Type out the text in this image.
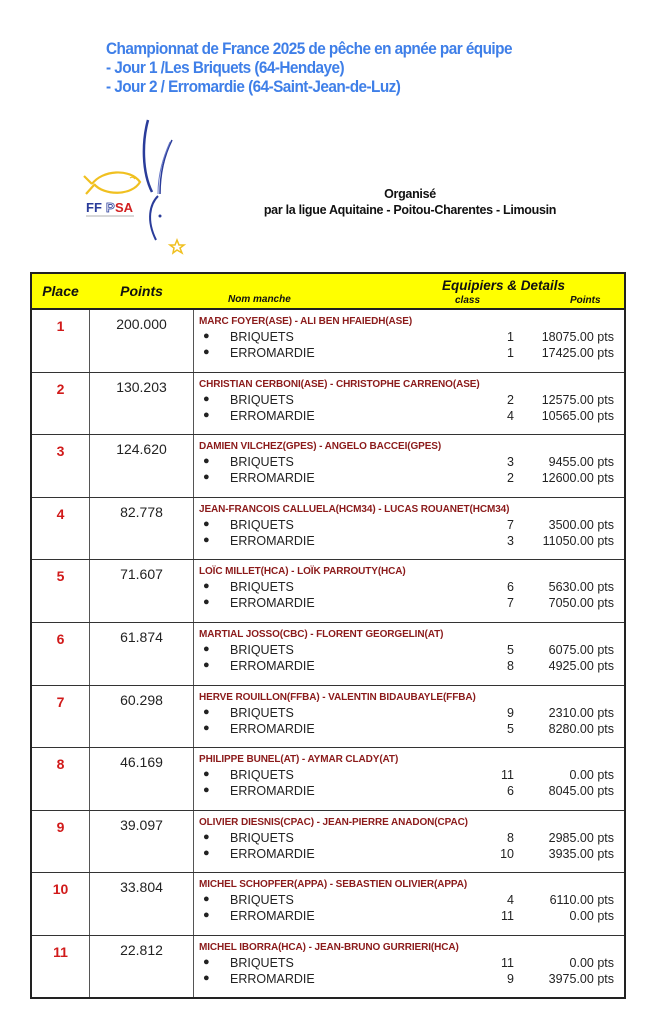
Championnat de France 2025 de pêche en apnée par équipe
- Jour 1 /Les Briquets (64-Hendaye)
- Jour 2 / Erromardie (64-Saint-Jean-de-Luz)
FF P SA
Organisé
par la ligue Aquitaine - Poitou-Charentes - Limousin
Place	Points	Equipiers & Details
Nom manche	class	Points
1	200.000	MARC FOYER(ASE) - ALI BEN HFAIEDH(ASE)
● BRIQUETS	1 18075.00 pts
● ERROMARDIE	1 17425.00 pts
2	130.203	CHRISTIAN CERBONI(ASE) - CHRISTOPHE CARRENO(ASE)
● BRIQUETS	2 12575.00 pts
● ERROMARDIE	4 10565.00 pts
3	124.620	DAMIEN VILCHEZ(GPES) - ANGELO BACCEI(GPES)
● BRIQUETS	3	9455.00 pts
● ERROMARDIE	2 12600.00 pts
4	82.778	JEAN-FRANCOIS CALLUELA(HCM34) - LUCAS ROUANET(HCM34)
● BRIQUETS	7	3500.00 pts
● ERROMARDIE	3 11050.00 pts
5	71.607	LOÏC MILLET(HCA) - LOÏK PARROUTY(HCA)
● BRIQUETS	6	5630.00 pts
● ERROMARDIE	7	7050.00 pts
6	61.874	MARTIAL JOSSO(CBC) - FLORENT GEORGELIN(AT)
● BRIQUETS	5	6075.00 pts
● ERROMARDIE	8	4925.00 pts
7	60.298	HERVE ROUILLON(FFBA) - VALENTIN BIDAUBAYLE(FFBA)
● BRIQUETS	9	2310.00 pts
● ERROMARDIE	5	8280.00 pts
8	46.169	PHILIPPE BUNEL(AT) - AYMAR CLADY(AT)
● BRIQUETS	11	0.00 pts
● ERROMARDIE	6	8045.00 pts
9	39.097	OLIVIER DIESNIS(CPAC) - JEAN-PIERRE ANADON(CPAC)
● BRIQUETS	8	2985.00 pts
● ERROMARDIE	10	3935.00 pts
10	33.804	MICHEL SCHOPFER(APPA) - SEBASTIEN OLIVIER(APPA)
● BRIQUETS	4	6110.00 pts
● ERROMARDIE	11	0.00 pts
11	22.812	MICHEL IBORRA(HCA) - JEAN-BRUNO GURRIERI(HCA)
● BRIQUETS	11	0.00 pts
● ERROMARDIE	9	3975.00 pts
